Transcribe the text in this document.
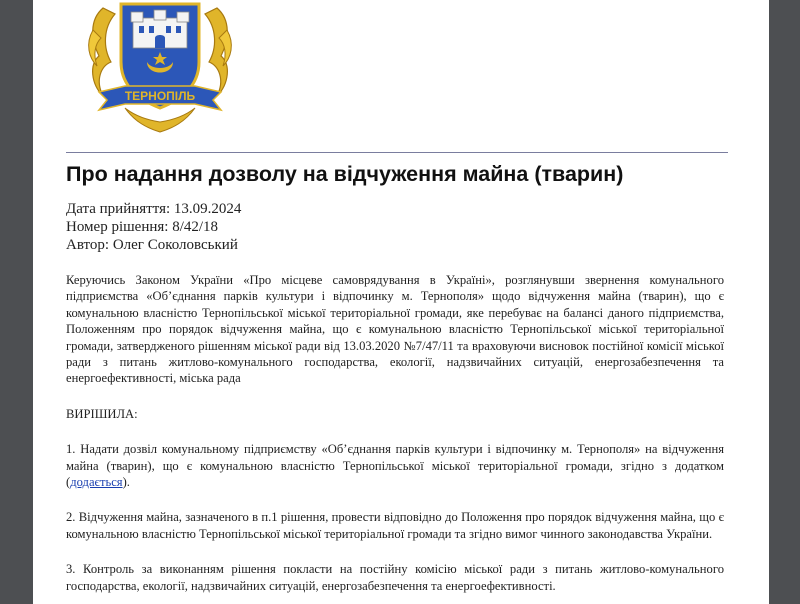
ТЕРНОПІЛЬ
Про надання дозволу на відчуження майна (тварин)
Дата прийняття: 13.09.2024
Номер рішення: 8/42/18
Автор: Олег Соколовський

Керуючись Законом України «Про місцеве самоврядування в Україні», розглянувши звернення комунального підприємства «Об’єднання парків культури і відпочинку м. Тернополя» щодо відчуження майна (тварин), що є комунальною власністю Тернопільської міської територіальної громади, яке перебуває на балансі даного підприємства, Положенням про порядок відчуження майна, що є комунальною власністю Тернопільської міської територіальної громади, затвердженого рішенням міської ради від 13.03.2020 №7/47/11 та враховуючи висновок постійної комісії міської ради з питань житлово-комунального господарства, екології, надзвичайних ситуацій, енергозабезпечення та енергоефективності, міська рада

ВИРІШИЛА:

1. Надати дозвіл комунальному підприємству «Об’єднання парків культури і відпочинку м. Тернополя» на відчуження майна (тварин), що є комунальною власністю Тернопільської міської територіальної громади, згідно з додатком (додається).

2. Відчуження майна, зазначеного в п.1 рішення, провести відповідно до Положення про порядок відчуження майна, що є комунальною власністю Тернопільської міської територіальної громади та згідно вимог чинного законодавства України.

3. Контроль за виконанням рішення покласти на постійну комісію міської ради з питань житлово-комунального господарства, екології, надзвичайних ситуацій, енергозабезпечення та енергоефективності.
